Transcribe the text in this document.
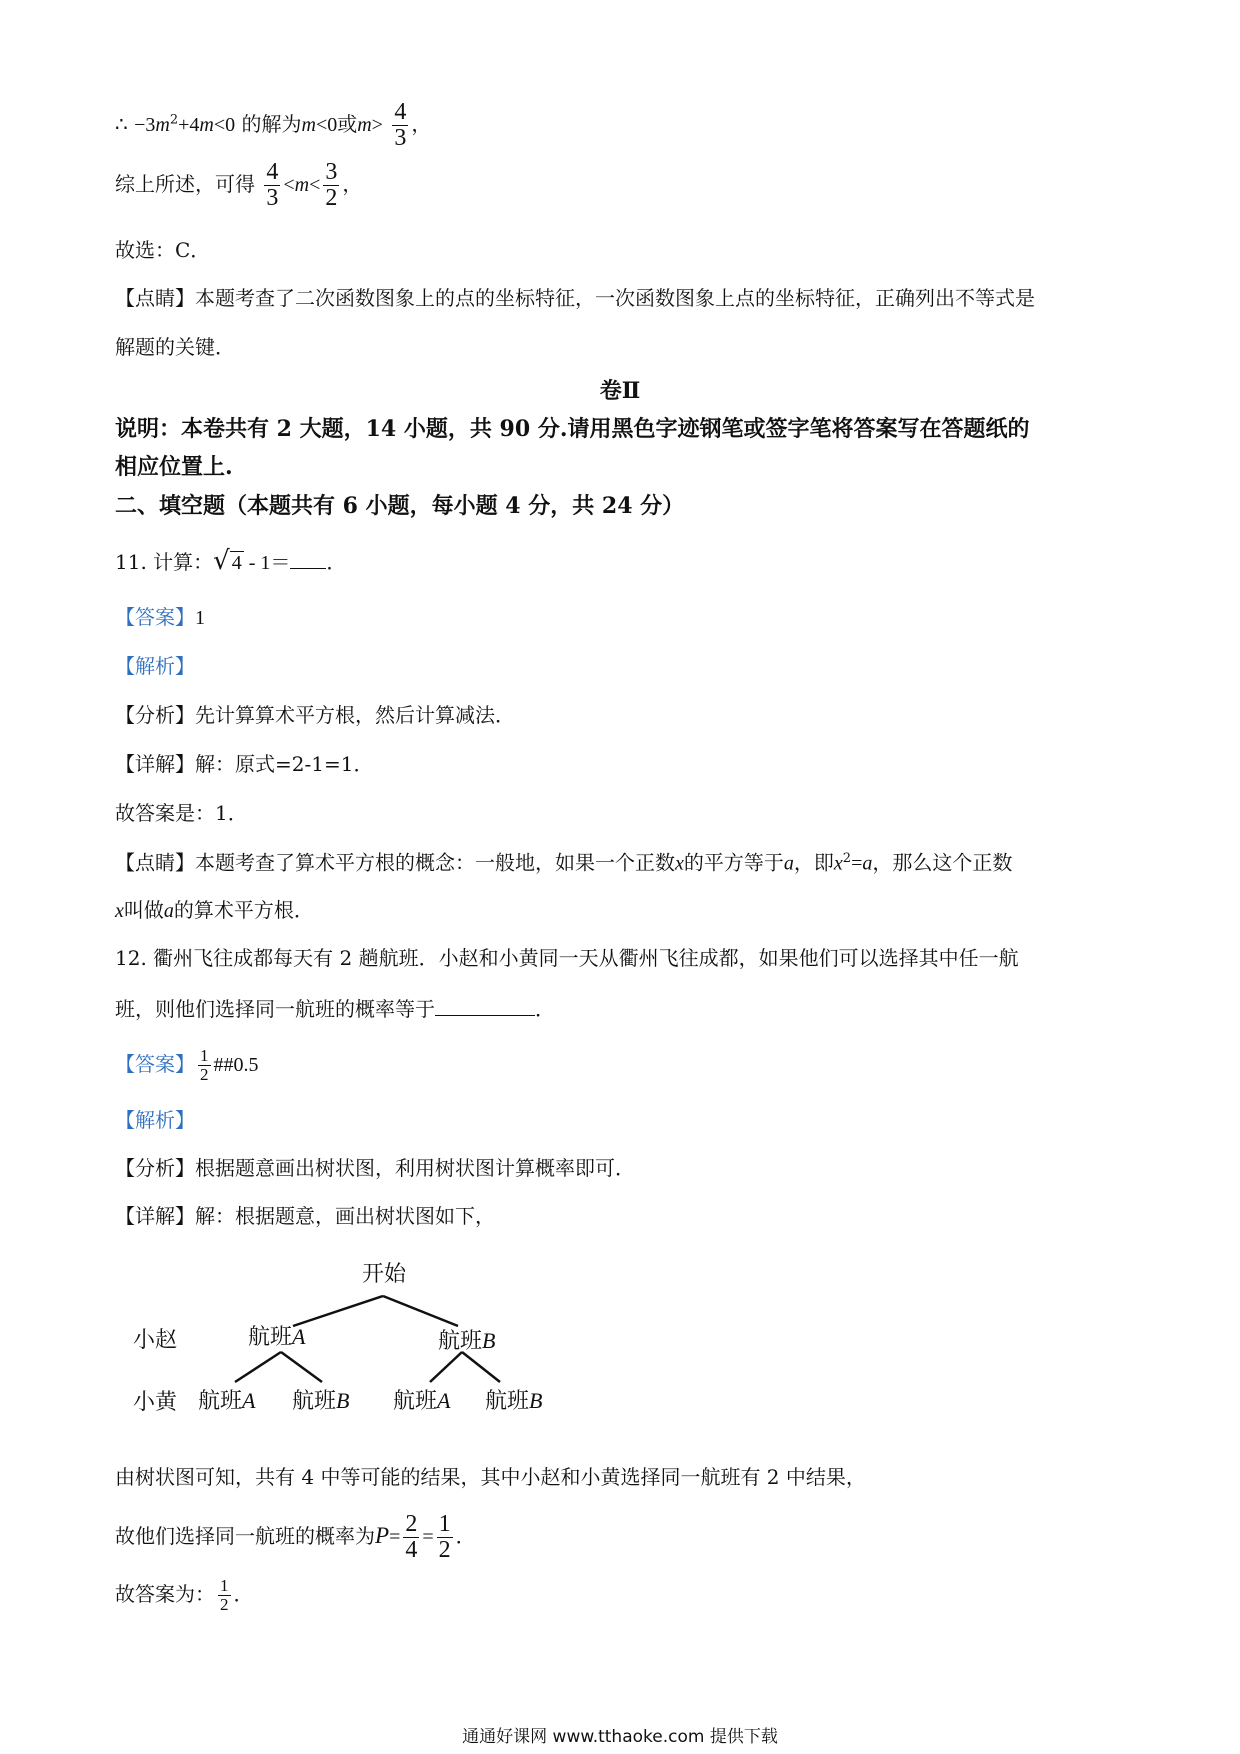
∴ $-3m^2+4m<0$ 的解为m<0或$m> \frac{4}{3}$ ，
综上所述，可得 $\frac{4}{3} <m< \frac{3}{2}$ ，
故选：C．
【点睛】本题考查了二次函数图象上的点的坐标特征，一次函数图象上点的坐标特征，正确列出不等式是
解题的关键．
卷Ⅱ
说明：本卷共有 2 大题，14 小题，共 90 分.请用黑色字迹钢笔或签字笔将答案写在答题纸的
相应位置上.
二、填空题（本题共有 6 小题，每小题 4 分，共 24 分）
11. 计算：√ 4 - 1＝ ．
【答案】1
【解析】
【分析】先计算算术平方根，然后计算减法．
【详解】解：原式=2-1=1．
故答案是：1．
【点睛】本题考查了算术平方根的概念：一般地，如果一个正数x的平方等于a，即$x^2=a$，那么这个正数
x叫做a的算术平方根．
12. 衢州飞往成都每天有 2 趟航班．小赵和小黄同一天从衢州飞往成都，如果他们可以选择其中任一航
班，则他们选择同一航班的概率等于	．
【答案】 $\frac{1}{2}$ ##0.5
【解析】
【分析】根据题意画出树状图，利用树状图计算概率即可．
【详解】解：根据题意，画出树状图如下，
开始
小赵
小黄
航班A	航班B
航班A 航班B 航班A 航班B
由树状图可知，共有 4 中等可能的结果，其中小赵和小黄选择同一航班有 2 中结果，
故他们选择同一航班的概率为$P= \frac{2}{4} = \frac{1}{2}$ ．
故答案为： $\frac{1}{2}$ ．
通通好课网 www.tthaoke.com 提供下载
